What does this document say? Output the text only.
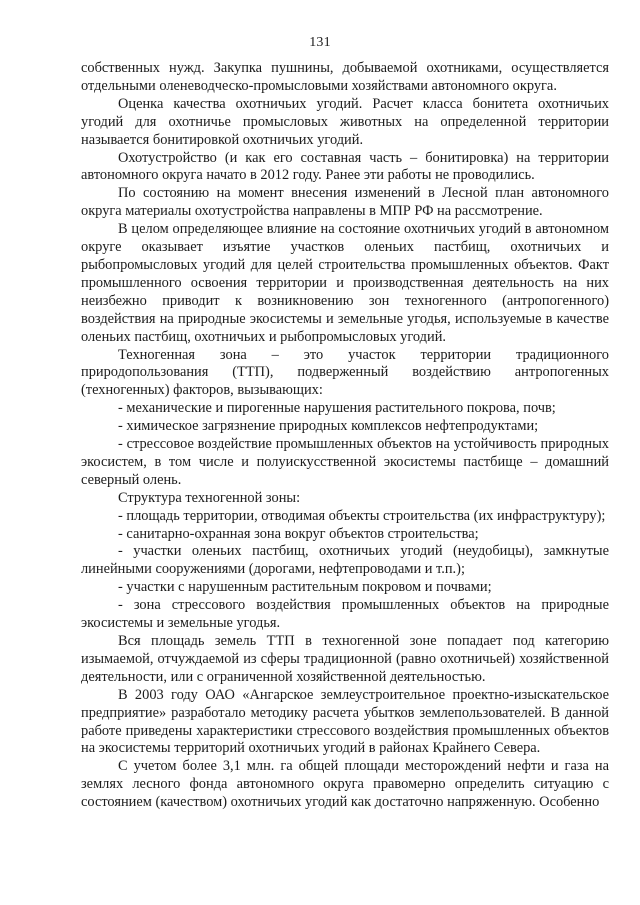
131

собственных нужд. Закупка пушнины, добываемой охотниками, осуществляется отдельными оленеводческо-промысловыми хозяйствами автономного округа.

Оценка качества охотничьих угодий. Расчет класса бонитета охотничьих угодий для охотничье промысловых животных на определенной территории называется бонитировкой охотничьих угодий.

Охотустройство (и как его составная часть – бонитировка) на территории автономного округа начато в 2012 году. Ранее эти работы не проводились.

По состоянию на момент внесения изменений в Лесной план автономного округа материалы охотустройства направлены в МПР РФ на рассмотрение.

В целом определяющее влияние на состояние охотничьих угодий в автономном округе оказывает изъятие участков оленьих пастбищ, охотничьих и рыбопромысловых угодий для целей строительства промышленных объектов. Факт промышленного освоения территории и производственная деятельность на них неизбежно приводит к возникновению зон техногенного (антропогенного) воздействия на природные экосистемы и земельные угодья, используемые в качестве оленьих пастбищ, охотничьих и рыбопромысловых угодий.

Техногенная зона – это участок территории традиционного природопользования (ТТП), подверженный воздействию антропогенных (техногенных) факторов, вызывающих:

- механические и пирогенные нарушения растительного покрова, почв;

- химическое загрязнение природных комплексов нефтепродуктами;

- стрессовое воздействие промышленных объектов на устойчивость природных экосистем, в том числе и полуискусственной экосистемы пастбище – домашний северный олень.

Структура техногенной зоны:

- площадь территории, отводимая объекты строительства (их инфраструктуру);

- санитарно-охранная зона вокруг объектов строительства;

- участки оленьих пастбищ, охотничьих угодий (неудобицы), замкнутые линейными сооружениями (дорогами, нефтепроводами и т.п.);

- участки с нарушенным растительным покровом и почвами;

- зона стрессового воздействия промышленных объектов на природные экосистемы и земельные угодья.

Вся площадь земель ТТП в техногенной зоне попадает под категорию изымаемой, отчуждаемой из сферы традиционной (равно охотничьей) хозяйственной деятельности, или с ограниченной хозяйственной деятельностью.

В 2003 году ОАО «Ангарское землеустроительное проектно-изыскательское предприятие» разработало методику расчета убытков землепользователей. В данной работе приведены характеристики стрессового воздействия промышленных объектов на экосистемы территорий охотничьих угодий в районах Крайнего Севера.

С учетом более 3,1 млн. га общей площади месторождений нефти и газа на землях лесного фонда автономного округа правомерно определить ситуацию с состоянием (качеством) охотничьих угодий как достаточно напряженную. Особенно
